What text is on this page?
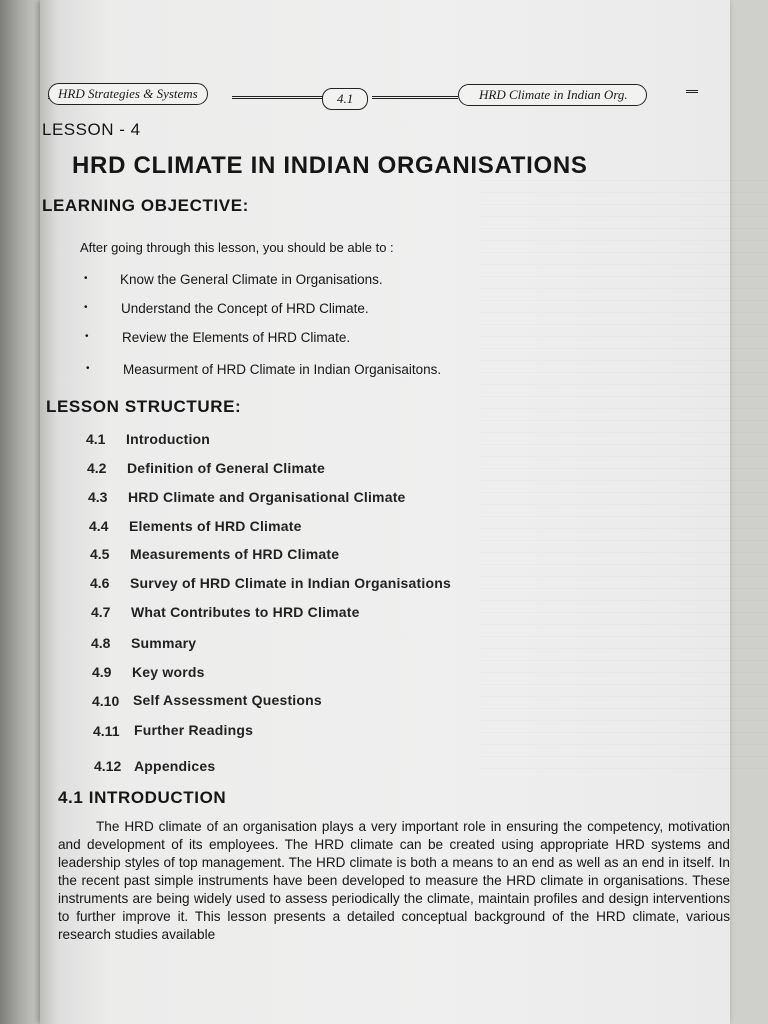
HRD Strategies & Systems	4.1	HRD Climate in Indian Org.
LESSON - 4
HRD CLIMATE IN INDIAN ORGANISATIONS
LEARNING OBJECTIVE:
After going through this lesson, you should be able to :
• Know the General Climate in Organisations.
• Understand the Concept of HRD Climate.
• Review the Elements of HRD Climate.
• Measurment of HRD Climate in Indian Organisaitons.
LESSON STRUCTURE:
4.1 Introduction
4.2 Definition of General Climate
4.3 HRD Climate and Organisational Climate
4.4 Elements of HRD Climate
4.5 Measurements of HRD Climate
4.6 Survey of HRD Climate in Indian Organisations
4.7 What Contributes to HRD Climate
4.8 Summary
4.9 Key words
4.10 Self Assessment Questions
4.11 Further Readings
4.12 Appendices
4.1 INTRODUCTION
The HRD climate of an organisation plays a very important role in ensuring the competency, motivation and development of its employees. The HRD climate can be created using appropriate HRD systems and leadership styles of top management. The HRD climate is both a means to an end as well as an end in itself. In the recent past simple instruments have been developed to measure the HRD climate in organisations. These instruments are being widely used to assess periodically the climate, maintain profiles and design interventions to further improve it. This lesson presents a detailed conceptual background of the HRD climate, various research studies available
